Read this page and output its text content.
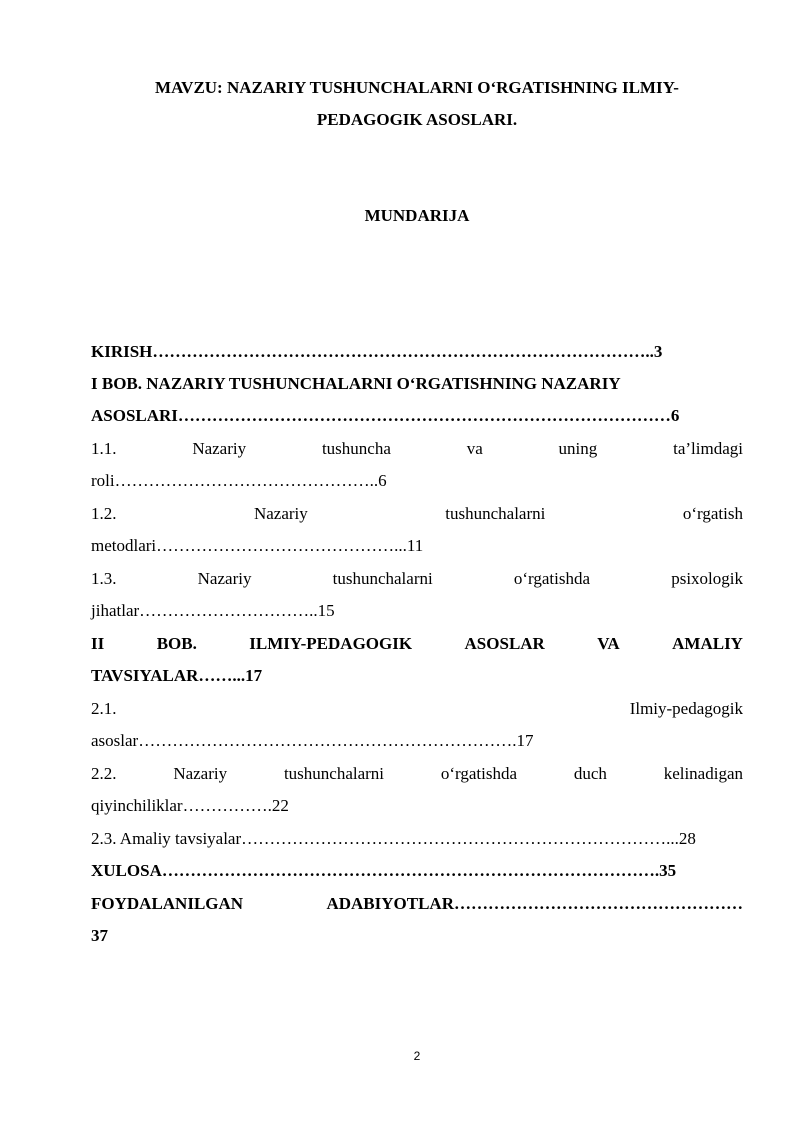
MAVZU: NAZARIY TUSHUNCHALARNI O‘RGATISHNING ILMIY-
PEDAGOGIK ASOSLARI.
MUNDARIJA
KIRISH……………………………………………………………………………..3
I BOB. NAZARIY TUSHUNCHALARNI O‘RGATISHNING NAZARIY
ASOSLARI……………………………………………………………………………6
1.1.	Nazariy	tushuncha	va	uning	ta’limdagi
roli………………………………………..6
1.2.	Nazariy	tushunchalarni	o‘rgatish
metodlari……………………………………...11
1.3.	Nazariy	tushunchalarni	o‘rgatishda	psixologik
jihatlar…………………………..15
II	BOB.	ILMIY-PEDAGOGIK	ASOSLAR	VA	AMALIY
TAVSIYALAR……...17
2.1.	Ilmiy-pedagogik
asoslar………………………………………………………….17
2.2.	Nazariy	tushunchalarni	o‘rgatishda	duch	kelinadigan
qiyinchiliklar…………….22
2.3. Amaliy tavsiyalar…………………………………………………………………...28
XULOSA…………………………………………………………………………….35
FOYDALANILGAN	ADABIYOTLAR……………………………………………
37
2
